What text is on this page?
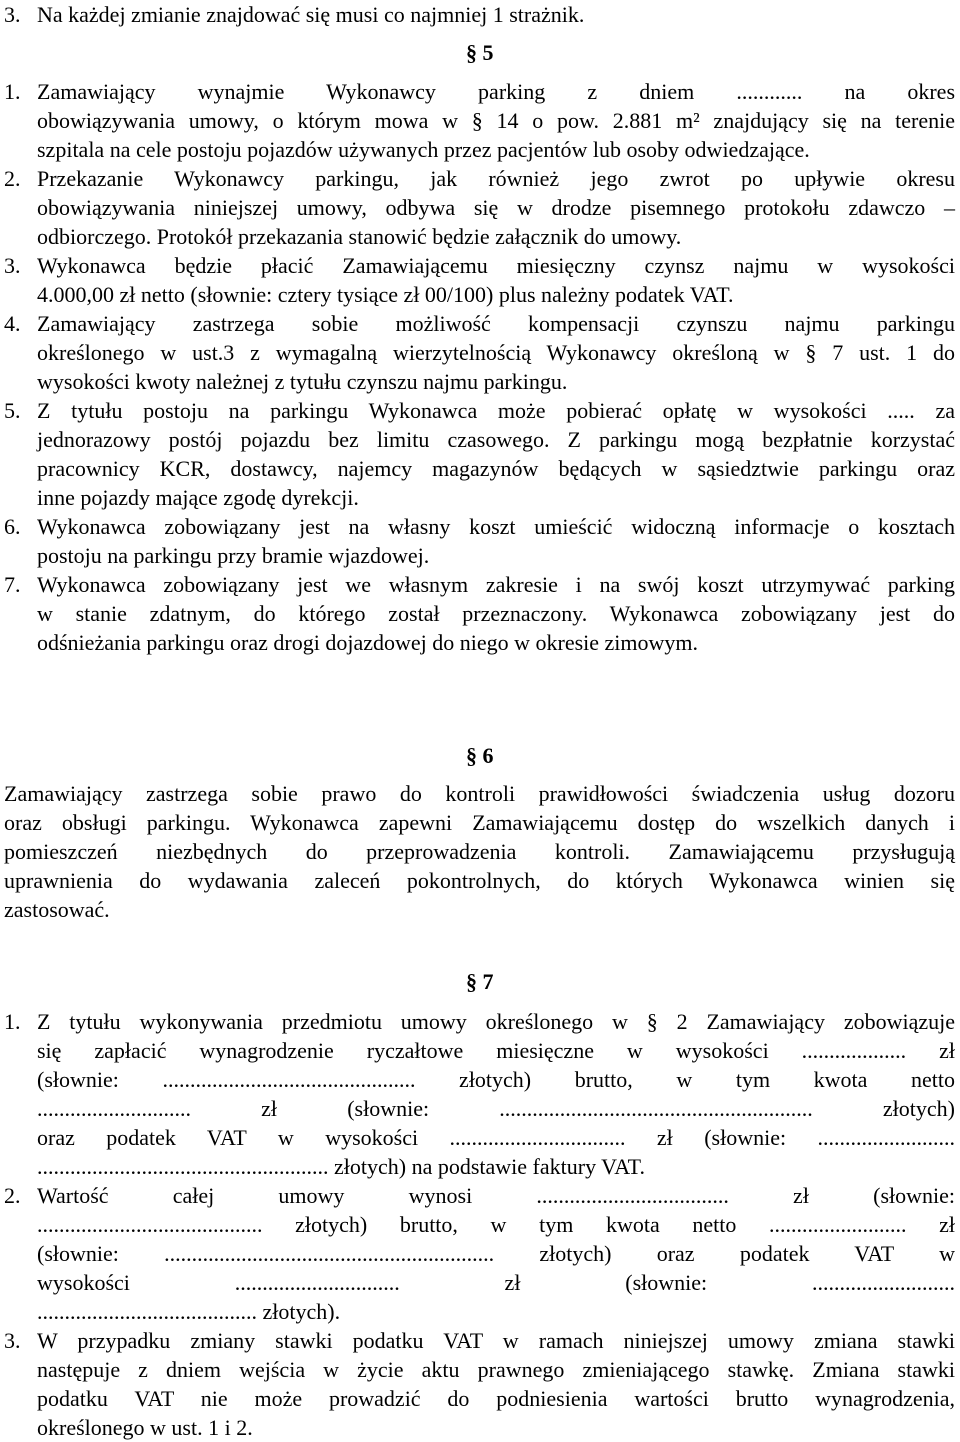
3. Na każdej zmianie znajdować się musi co najmniej 1 strażnik.
§ 5
1. Zamawiający wynajmie Wykonawcy parking z dniem ............ na okres
obowiązywania umowy, o którym mowa w § 14 o pow. 2.881 m² znajdujący się na terenie
szpitala na cele postoju pojazdów używanych przez pacjentów lub osoby odwiedzające.
2. Przekazanie Wykonawcy parkingu, jak również jego zwrot po upływie okresu
obowiązywania niniejszej umowy, odbywa się w drodze pisemnego protokołu zdawczo –
odbiorczego. Protokół przekazania stanowić będzie załącznik do umowy.
3. Wykonawca będzie płacić Zamawiającemu miesięczny czynsz najmu w wysokości
4.000,00 zł netto (słownie: cztery tysiące zł 00/100) plus należny podatek VAT.
4. Zamawiający zastrzega sobie możliwość kompensacji czynszu najmu parkingu
określonego w ust.3 z wymagalną wierzytelnością Wykonawcy określoną w § 7 ust. 1 do
wysokości kwoty należnej z tytułu czynszu najmu parkingu.
5. Z tytułu postoju na parkingu Wykonawca może pobierać opłatę w wysokości ..... za
jednorazowy postój pojazdu bez limitu czasowego. Z parkingu mogą bezpłatnie korzystać
pracownicy KCR, dostawcy, najemcy magazynów będących w sąsiedztwie parkingu oraz
inne pojazdy mające zgodę dyrekcji.
6. Wykonawca zobowiązany jest na własny koszt umieścić widoczną informacje o kosztach
postoju na parkingu przy bramie wjazdowej.
7. Wykonawca zobowiązany jest we własnym zakresie i na swój koszt utrzymywać parking
w stanie zdatnym, do którego został przeznaczony. Wykonawca zobowiązany jest do
odśnieżania parkingu oraz drogi dojazdowej do niego w okresie zimowym.
§ 6
Zamawiający zastrzega sobie prawo do kontroli prawidłowości świadczenia usług dozoru
oraz obsługi parkingu. Wykonawca zapewni Zamawiającemu dostęp do wszelkich danych i
pomieszczeń niezbędnych do przeprowadzenia kontroli. Zamawiającemu przysługują
uprawnienia do wydawania zaleceń pokontrolnych, do których Wykonawca winien się
zastosować.
§ 7
1. Z tytułu wykonywania przedmiotu umowy określonego w § 2 Zamawiający zobowiązuje
się zapłacić wynagrodzenie ryczałtowe miesięczne w wysokości ................... zł
(słownie: .............................................. złotych) brutto, w tym kwota netto
............................ zł (słownie: ......................................................... złotych)
oraz podatek VAT w wysokości ................................ zł (słownie: .........................
..................................................... złotych) na podstawie faktury VAT.
2. Wartość całej umowy wynosi ................................... zł (słownie:
......................................... złotych) brutto, w tym kwota netto ......................... zł
(słownie: ............................................................ złotych) oraz podatek VAT w
wysokości .............................. zł (słownie: ..........................
........................................ złotych).
3. W przypadku zmiany stawki podatku VAT w ramach niniejszej umowy zmiana stawki
następuje z dniem wejścia w życie aktu prawnego zmieniającego stawkę. Zmiana stawki
podatku VAT nie może prowadzić do podniesienia wartości brutto wynagrodzenia,
określonego w ust. 1 i 2.
